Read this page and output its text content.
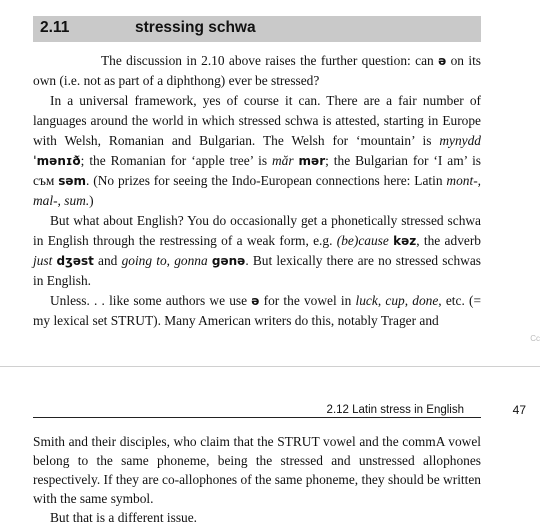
2.11	stressing schwa

The discussion in 2.10 above raises the further question: can ə on its own (i.e. not as part of a diphthong) ever be stressed?

In a universal framework, yes of course it can. There are a fair number of languages around the world in which stressed schwa is attested, starting in Europe with Welsh, Romanian and Bulgarian. The Welsh for ‘mountain’ is mynydd ˈmənɪð; the Romanian for ‘apple tree’ is măr mər; the Bulgarian for ‘I am’ is съм səm. (No prizes for seeing the Indo-European connections here: Latin mont-, mal-, sum.)

But what about English? You do occasionally get a phonetically stressed schwa in English through the restressing of a weak form, e.g. (be)cause kəz, the adverb just dʒəst and going to, gonna gənə. But lexically there are no stressed schwas in English.

Unless. . . like some authors we use ə for the vowel in luck, cup, done, etc. (= my lexical set STRUT). Many American writers do this, notably Trager and

Cc
2.12 Latin stress in English	47

Smith and their disciples, who claim that the STRUT vowel and the commA vowel belong to the same phoneme, being the stressed and unstressed allophones respectively. If they are co-allophones of the same phoneme, they should be written with the same symbol.

But that is a different issue.
